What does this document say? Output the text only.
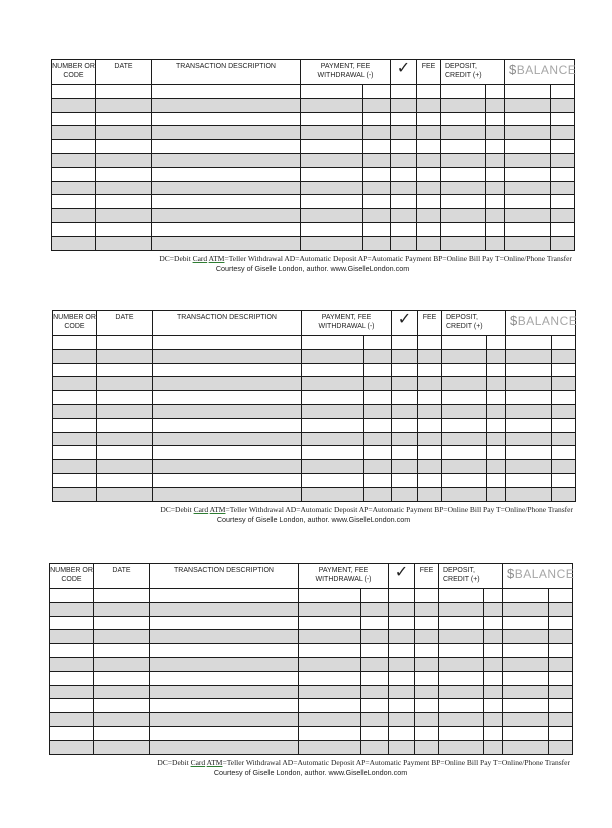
NUMBER OR CODE	DATE	TRANSACTION DESCRIPTION	PAYMENT, FEE WITHDRAWAL (-)		✓	FEE	DEPOSIT, CREDIT (+)		$BALANCE	

DC=Debit Card ATM=Teller Withdrawal AD=Automatic Deposit AP=Automatic Payment BP=Online Bill Pay T=Online/Phone Transfer
Courtesy of Giselle London, author. www.GiselleLondon.com
NUMBER OR CODE	DATE	TRANSACTION DESCRIPTION	PAYMENT, FEE WITHDRAWAL (-)		✓	FEE	DEPOSIT, CREDIT (+)		$BALANCE	

DC=Debit Card ATM=Teller Withdrawal AD=Automatic Deposit AP=Automatic Payment BP=Online Bill Pay T=Online/Phone Transfer
Courtesy of Giselle London, author. www.GiselleLondon.com
NUMBER OR CODE	DATE	TRANSACTION DESCRIPTION	PAYMENT, FEE WITHDRAWAL (-)		✓	FEE	DEPOSIT, CREDIT (+)		$BALANCE	

DC=Debit Card ATM=Teller Withdrawal AD=Automatic Deposit AP=Automatic Payment BP=Online Bill Pay T=Online/Phone Transfer
Courtesy of Giselle London, author. www.GiselleLondon.com
